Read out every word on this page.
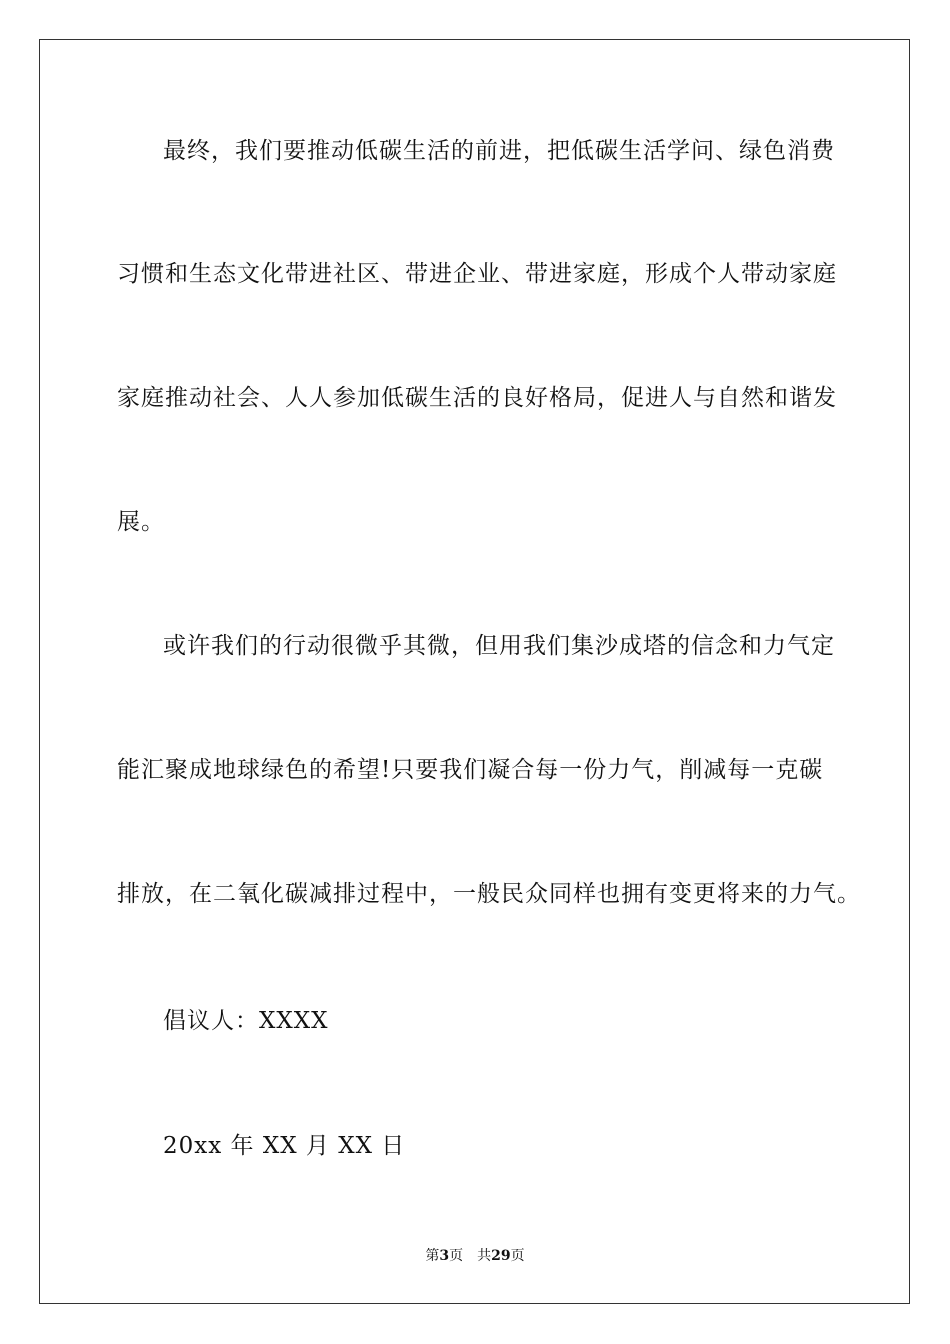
最终，我们要推动低碳生活的前进，把低碳生活学问、绿色消费
习惯和生态文化带进社区、带进企业、带进家庭，形成个人带动家庭
家庭推动社会、人人参加低碳生活的良好格局，促进人与自然和谐发
展。
或许我们的行动很微乎其微，但用我们集沙成塔的信念和力气定
能汇聚成地球绿色的希望!只要我们凝合每一份力气，削减每一克碳
排放，在二氧化碳减排过程中，一般民众同样也拥有变更将来的力气。
倡议人：XXXX
20xx 年 XX 月 XX 日
第3页 共29页
